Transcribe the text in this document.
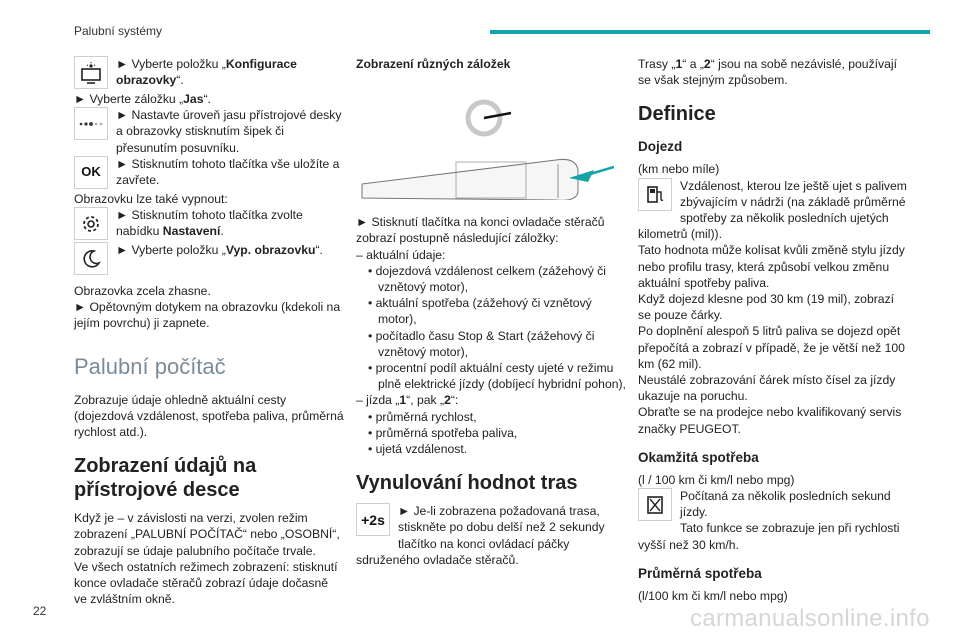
Palubní systémy

► Vyberte položku „Konfigurace obrazovky“.

► Vyberte záložku „Jas“.

► Nastavte úroveň jasu přístrojové desky a obrazovky stisknutím šipek či přesunutím posuvníku.

OK

► Stisknutím tohoto tlačítka vše uložíte a zavřete.

Obrazovku lze také vypnout:

► Stisknutím tohoto tlačítka zvolte nabídku Nastavení.

► Vyberte položku „Vyp. obrazovku“.

Obrazovka zcela zhasne.

► Opětovným dotykem na obrazovku (kdekoli na jejím povrchu) ji zapnete.

Palubní počítač

Zobrazuje údaje ohledně aktuální cesty (dojezdová vzdálenost, spotřeba paliva, průměrná rychlost atd.).

Zobrazení údajů na přístrojové desce

Když je – v závislosti na verzi, zvolen režim zobrazení „PALUBNÍ POČÍTAČ“ nebo „OSOBNÍ“, zobrazují se údaje palubního počítače trvale.

Ve všech ostatních režimech zobrazení: stisknutí konce ovladače stěračů zobrazí údaje dočasně ve zvláštním okně.

Zobrazení různých záložek

► Stisknutí tlačítka na konci ovladače stěračů zobrazí postupně následující záložky:

– aktuální údaje:

• dojezdová vzdálenost celkem (zážehový či vznětový motor),

• aktuální spotřeba (zážehový či vznětový motor),

• počítadlo času Stop & Start (zážehový či vznětový motor),

• procentní podíl aktuální cesty ujeté v režimu plně elektrické jízdy (dobíjecí hybridní pohon),

– jízda „1“, pak „2“:

• průměrná rychlost,

• průměrná spotřeba paliva,

• ujetá vzdálenost.

Vynulování hodnot tras
+2s

► Je-li zobrazena požadovaná trasa, stiskněte po dobu delší než 2 sekundy tlačítko na konci ovládací páčky sdruženého ovladače stěračů.

Trasy „1“ a „2“ jsou na sobě nezávislé, používají se však stejným způsobem.

Definice
Dojezd

(km nebo míle)

Vzdálenost, kterou lze ještě ujet s palivem zbývajícím v nádrži (na základě průměrné spotřeby za několik posledních ujetých kilometrů (mil)).

Tato hodnota může kolísat kvůli změně stylu jízdy nebo profilu trasy, která způsobí velkou změnu aktuální spotřeby paliva.

Když dojezd klesne pod 30 km (19 mil), zobrazí se pouze čárky.

Po doplnění alespoň 5 litrů paliva se dojezd opět přepočítá a zobrazí v případě, že je větší než 100 km (62 mil).

Neustálé zobrazování čárek místo čísel za jízdy ukazuje na poruchu.

Obraťte se na prodejce nebo kvalifikovaný servis značky PEUGEOT.

Okamžitá spotřeba

(l / 100 km či km/l nebo mpg)

Počítaná za několik posledních sekund jízdy.

Tato funkce se zobrazuje jen při rychlosti vyšší než 30 km/h.

Průměrná spotřeba

(l/100 km či km/l nebo mpg)

22	carmanualsonline.info
